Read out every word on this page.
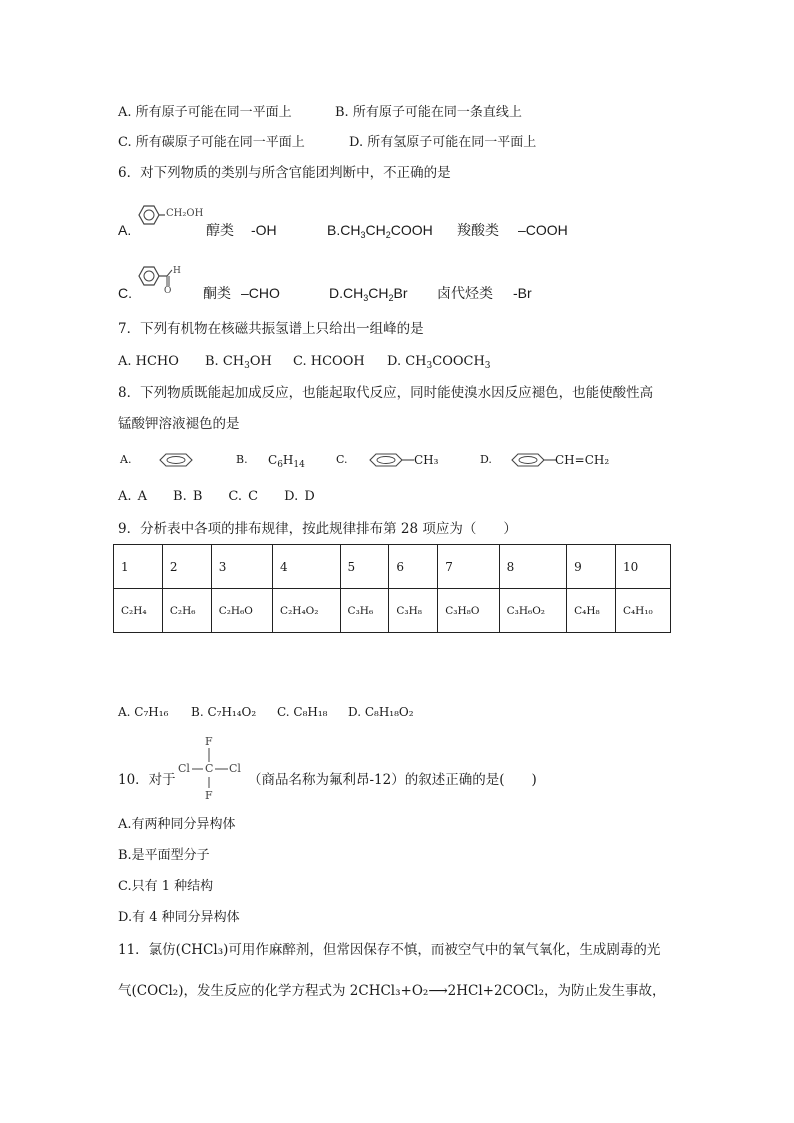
A. 所有原子可能在同一平面上	B. 所有原子可能在同一条直线上
C. 所有碳原子可能在同一平面上	D. 所有氢原子可能在同一平面上
6．对下列物质的类别与所含官能团判断中，不正确的是
A.
CH₂OH
醇类 -OH	$B.CH_3CH_2COOH$ 羧酸类 –COOH
C.
H
O 酮类 –CHO	$D.CH_3CH_2Br$ 卤代烃类 -Br
7．下列有机物在核磁共振氢谱上只给出一组峰的是
A. HCHO B. $CH_3OH$ C. HCOOH D. $CH_3COOCH_3$
8．下列物质既能起加成反应，也能起取代反应，同时能使溴水因反应褪色，也能使酸性高
锰酸钾溶液褪色的是
A.	B. $C_6H_{14}$	C.	CH₃	D.	CH=CH₂
A. A　　B. B　　C. C　　D. D
9．分析表中各项的排布规律，按此规律排布第 28 项应为（　　）
1	2	3	4	5	6	7	8	9	10
C₂H₄	C₂H₆	C₂H₆O	C₂H₄O₂	C₃H₆	C₃H₈	C₃H₈O	C₃H₆O₂	C₄H₈	C₄H₁₀
A. C₇H₁₆ B. C₇H₁₄O₂ C. C₈H₁₈ D. C₈H₁₈O₂
10．对于
F
F
C
Cl	Cl
（商品名称为氟利昂-12）的叙述正确的是(　　)
A.有两种同分异构体
B.是平面型分子
C.只有 1 种结构
D.有 4 种同分异构体
11．氯仿(CHCl₃)可用作麻醉剂，但常因保存不慎，而被空气中的氧气氧化，生成剧毒的光
气(COCl₂)，发生反应的化学方程式为 2CHCl₃+O₂⟶2HCl+2COCl₂，为防止发生事故，
